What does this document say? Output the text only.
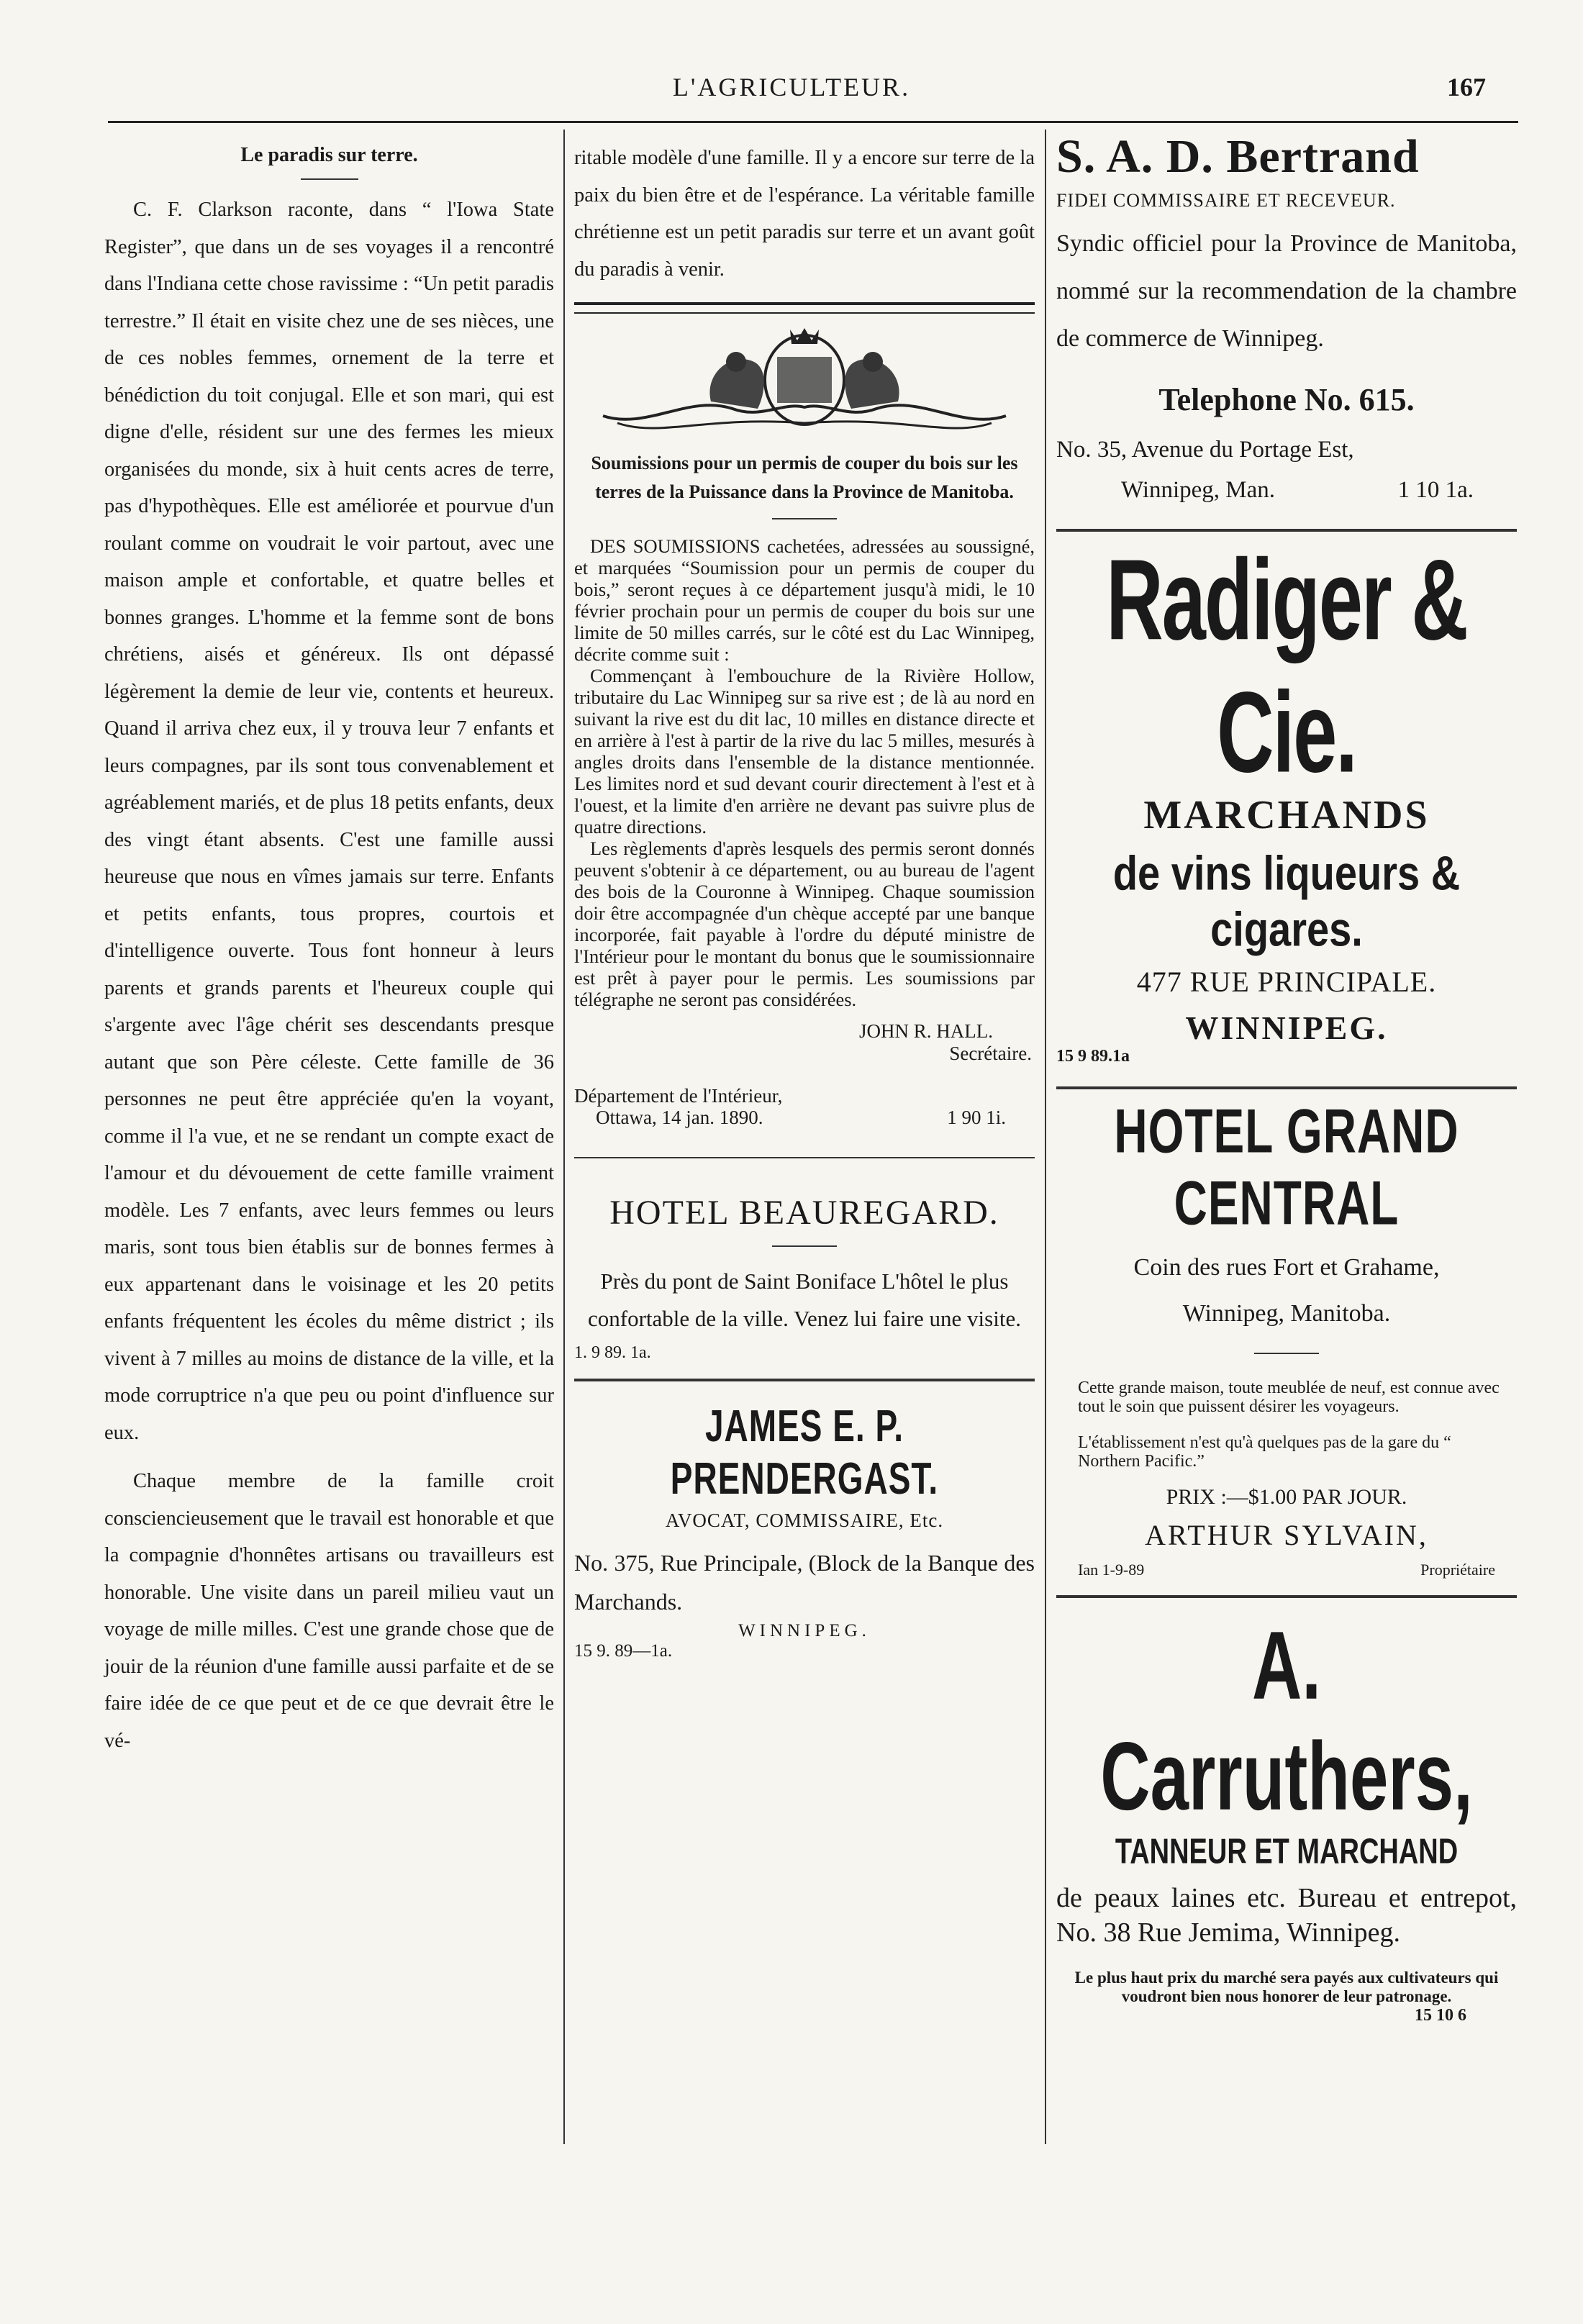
L'AGRICULTEUR.	167
Le paradis sur terre.

C. F. Clarkson raconte, dans “ l'Iowa State Register”, que dans un de ses voyages il a rencontré dans l'Indiana cette chose ravissime : “Un petit paradis terrestre.” Il était en visite chez une de ses nièces, une de ces nobles femmes, ornement de la terre et bénédiction du toit conjugal. Elle et son mari, qui est digne d'elle, résident sur une des fermes les mieux organisées du monde, six à huit cents acres de terre, pas d'hypothèques. Elle est améliorée et pourvue d'un roulant comme on voudrait le voir partout, avec une maison ample et confortable, et quatre belles et bonnes granges. L'homme et la femme sont de bons chrétiens, aisés et généreux. Ils ont dépassé légèrement la demie de leur vie, contents et heureux. Quand il arriva chez eux, il y trouva leur 7 enfants et leurs compagnes, par ils sont tous convenablement et agréablement mariés, et de plus 18 petits enfants, deux des vingt étant absents. C'est une famille aussi heureuse que nous en vîmes jamais sur terre. Enfants et petits enfants, tous propres, courtois et d'intelligence ouverte. Tous font honneur à leurs parents et grands parents et l'heureux couple qui s'argente avec l'âge chérit ses descendants presque autant que son Père céleste. Cette famille de 36 personnes ne peut être appréciée qu'en la voyant, comme il l'a vue, et ne se rendant un compte exact de l'amour et du dévouement de cette famille vraiment modèle. Les 7 enfants, avec leurs femmes ou leurs maris, sont tous bien établis sur de bonnes fermes à eux appartenant dans le voisinage et les 20 petits enfants fréquentent les écoles du même district ; ils vivent à 7 milles au moins de distance de la ville, et la mode corruptrice n'a que peu ou point d'influence sur eux.

Chaque membre de la famille croit consciencieusement que le travail est honorable et que la compagnie d'honnêtes artisans ou travailleurs est honorable. Une visite dans un pareil milieu vaut un voyage de mille milles. C'est une grande chose que de jouir de la réunion d'une famille aussi parfaite et de se faire idée de ce que peut et de ce que devrait être le vé-

ritable modèle d'une famille. Il y a encore sur terre de la paix du bien être et de l'espérance. La véritable famille chrétienne est un petit paradis sur terre et un avant goût du paradis à venir.

Soumissions pour un permis de couper du bois sur les terres de la Puissance dans la Province de Manitoba.

DES SOUMISSIONS cachetées, adressées au soussigné, et marquées “Soumission pour un permis de couper du bois,” seront reçues à ce département jusqu'à midi, le 10 février prochain pour un permis de couper du bois sur une limite de 50 milles carrés, sur le côté est du Lac Winnipeg, décrite comme suit :

Commençant à l'embouchure de la Rivière Hollow, tributaire du Lac Winnipeg sur sa rive est ; de là au nord en suivant la rive est du dit lac, 10 milles en distance directe et en arrière à l'est à partir de la rive du lac 5 milles, mesurés à angles droits dans l'ensemble de la distance mentionnée. Les limites nord et sud devant courir directement à l'est et à l'ouest, et la limite d'en arrière ne devant pas suivre plus de quatre directions.

Les règlements d'après lesquels des permis seront donnés peuvent s'obtenir à ce département, ou au bureau de l'agent des bois de la Couronne à Winnipeg. Chaque soumission doir être accompagnée d'un chèque accepté par une banque incorporée, fait payable à l'ordre du député ministre de l'Intérieur pour le montant du bonus que le soumissionnaire est prêt à payer pour le permis. Les soumissions par télégraphe ne seront pas considérées.

JOHN R. HALL.
Secrétaire.
Département de l'Intérieur,
Ottawa, 14 jan. 1890.	1 90 1i.
HOTEL BEAUREGARD.

Près du pont de Saint Boniface L'hôtel le plus confortable de la ville. Venez lui faire une visite.

1. 9 89. 1a.
JAMES E. P. PRENDERGAST.
AVOCAT, COMMISSAIRE, Etc.

No. 375, Rue Principale, (Block de la Banque des Marchands.

WINNIPEG.
15 9. 89—1a.
S. A. D. Bertrand
FIDEI COMMISSAIRE ET RECEVEUR.

Syndic officiel pour la Province de Manitoba, nommé sur la recommendation de la chambre de commerce de Winnipeg.

Telephone No. 615.

No. 35, Avenue du Portage Est,

Winnipeg, Man.	1 10 1a.
Radiger & Cie.
MARCHANDS
de vins liqueurs & cigares.
477 RUE PRINCIPALE.
WINNIPEG.
15 9 89.1a
HOTEL GRAND CENTRAL
Coin des rues Fort et Grahame,
Winnipeg, Manitoba.

Cette grande maison, toute meublée de neuf, est connue avec tout le soin que puissent désirer les voyageurs.

L'établissement n'est qu'à quelques pas de la gare du “ Northern Pacific.”

PRIX :—$1.00 PAR JOUR.
ARTHUR SYLVAIN,
Ian 1-9-89	Propriétaire
A. Carruthers,
TANNEUR ET MARCHAND

de peaux laines etc. Bureau et entrepot, No. 38 Rue Jemima, Winnipeg.

Le plus haut prix du marché sera payés aux cultivateurs qui voudront bien nous honorer de leur patronage.

15 10 6
